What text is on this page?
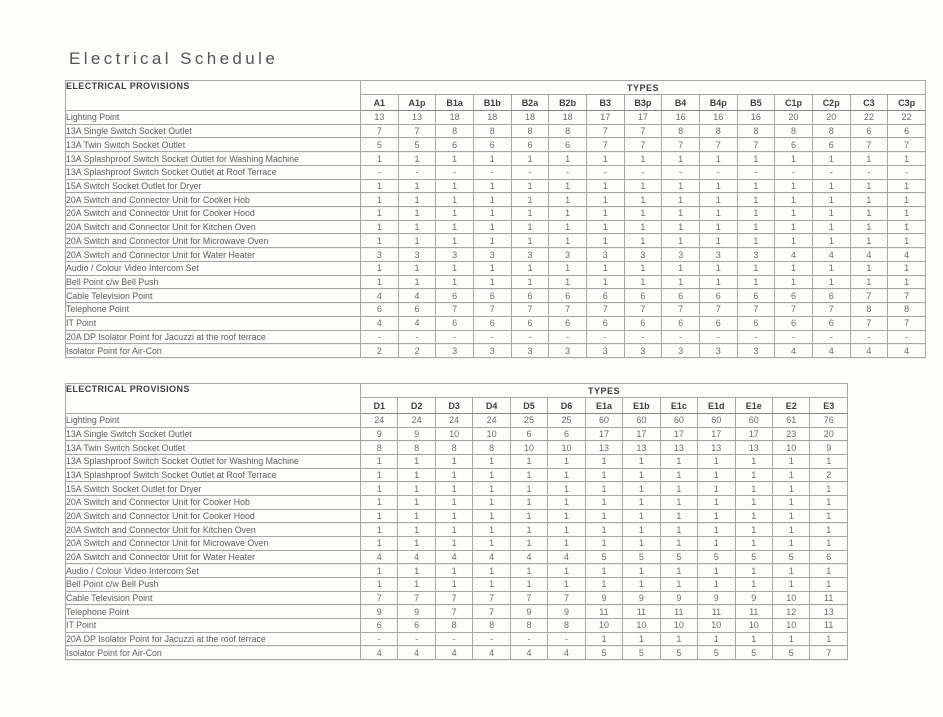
Electrical Schedule
ELECTRICAL PROVISIONS	TYPES														
	A1	A1p	B1a	B1b	B2a	B2b	B3	B3p	B4	B4p	B5	C1p	C2p	C3	C3p
Lighting Point	13	13	18	18	18	18	17	17	16	16	16	20	20	22	22
13A Single Switch Socket Outlet	7	7	8	8	8	8	7	7	8	8	8	8	8	6	6
13A Twin Switch Socket Outlet	5	5	6	6	6	6	7	7	7	7	7	6	6	7	7
13A Splashproof Switch Socket Outlet for Washing Machine	1	1	1	1	1	1	1	1	1	1	1	1	1	1	1
13A Splashproof Switch Socket Outlet at Roof Terrace	-	-	-	-	-	-	-	-	-	-	-	-	-	-	-
15A Switch Socket Outlet for Dryer	1	1	1	1	1	1	1	1	1	1	1	1	1	1	1
20A Switch and Connector Unit for Cooker Hob	1	1	1	1	1	1	1	1	1	1	1	1	1	1	1
20A Switch and Connector Unit for Cooker Hood	1	1	1	1	1	1	1	1	1	1	1	1	1	1	1
20A Switch and Connector Unit for Kitchen Oven	1	1	1	1	1	1	1	1	1	1	1	1	1	1	1
20A Switch and Connector Unit for Microwave Oven	1	1	1	1	1	1	1	1	1	1	1	1	1	1	1
20A Switch and Connector Unit for Water Heater	3	3	3	3	3	3	3	3	3	3	3	4	4	4	4
Audio / Colour Video Intercom Set	1	1	1	1	1	1	1	1	1	1	1	1	1	1	1
Bell Point c/w Bell Push	1	1	1	1	1	1	1	1	1	1	1	1	1	1	1
Cable Television Point	4	4	6	6	6	6	6	6	6	6	6	6	6	7	7
Telephone Point	6	6	7	7	7	7	7	7	7	7	7	7	7	8	8
IT Point	4	4	6	6	6	6	6	6	6	6	6	6	6	7	7
20A DP Isolator Point for Jacuzzi at the roof terrace	-	-	-	-	-	-	-	-	-	-	-	-	-	-	-
Isolator Point for Air-Con	2	2	3	3	3	3	3	3	3	3	3	4	4	4	4
ELECTRICAL PROVISIONS	TYPES												
	D1	D2	D3	D4	D5	D6	E1a	E1b	E1c	E1d	E1e	E2	E3
Lighting Point	24	24	24	24	25	25	60	60	60	60	60	61	76
13A Single Switch Socket Outlet	9	9	10	10	6	6	17	17	17	17	17	23	20
13A Twin Switch Socket Outlet	8	8	8	8	10	10	13	13	13	13	13	10	9
13A Splashproof Switch Socket Outlet for Washing Machine	1	1	1	1	1	1	1	1	1	1	1	1	1
13A Splashproof Switch Socket Outlet at Roof Terrace	1	1	1	1	1	1	1	1	1	1	1	1	2
15A Switch Socket Outlet for Dryer	1	1	1	1	1	1	1	1	1	1	1	1	1
20A Switch and Connector Unit for Cooker Hob	1	1	1	1	1	1	1	1	1	1	1	1	1
20A Switch and Connector Unit for Cooker Hood	1	1	1	1	1	1	1	1	1	1	1	1	1
20A Switch and Connector Unit for Kitchen Oven	1	1	1	1	1	1	1	1	1	1	1	1	1
20A Switch and Connector Unit for Microwave Oven	1	1	1	1	1	1	1	1	1	1	1	1	1
20A Switch and Connector Unit for Water Heater	4	4	4	4	4	4	5	5	5	5	5	5	6
Audio / Colour Video Intercom Set	1	1	1	1	1	1	1	1	1	1	1	1	1
Bell Point c/w Bell Push	1	1	1	1	1	1	1	1	1	1	1	1	1
Cable Television Point	7	7	7	7	7	7	9	9	9	9	9	10	11
Telephone Point	9	9	7	7	9	9	11	11	11	11	11	12	13
IT Point	6	6	8	8	8	8	10	10	10	10	10	10	11
20A DP Isolator Point for Jacuzzi at the roof terrace	-	-	-	-	-	-	1	1	1	1	1	1	1
Isolator Point for Air-Con	4	4	4	4	4	4	5	5	5	5	5	5	7
